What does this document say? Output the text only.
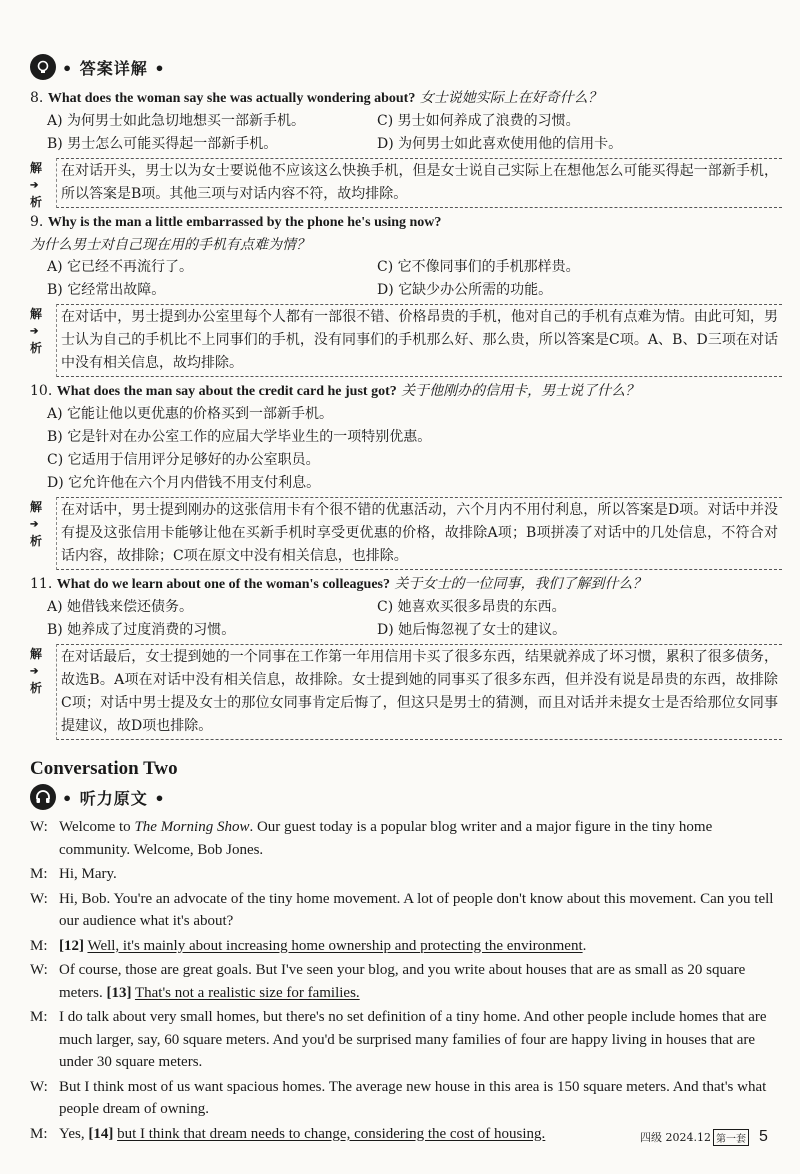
• 答案详解 •
8. What does the woman say she was actually wondering about? 女士说她实际上在好奇什么？
A) 为何男士如此急切地想买一部新手机。	C) 男士如何养成了浪费的习惯。
B) 男士怎么可能买得起一部新手机。	D) 为何男士如此喜欢使用他的信用卡。
解➔
析
在对话开头，男士以为女士要说他不应该这么快换手机，但是女士说自己实际上在想他怎么可能买得起一部新手机，所以答案是B项。其他三项与对话内容不符，故均排除。
9. Why is the man a little embarrassed by the phone he's using now?
为什么男士对自己现在用的手机有点难为情？
A) 它已经不再流行了。	C) 它不像同事们的手机那样贵。
B) 它经常出故障。	D) 它缺少办公所需的功能。
解➔
析
在对话中，男士提到办公室里每个人都有一部很不错、价格昂贵的手机，他对自己的手机有点难为情。由此可知，男士认为自己的手机比不上同事们的手机，没有同事们的手机那么好、那么贵，所以答案是C项。A、B、D三项在对话中没有相关信息，故均排除。
10. What does the man say about the credit card he just got? 关于他刚办的信用卡，男士说了什么？
A) 它能让他以更优惠的价格买到一部新手机。
B) 它是针对在办公室工作的应届大学毕业生的一项特别优惠。
C) 它适用于信用评分足够好的办公室职员。
D) 它允许他在六个月内借钱不用支付利息。
解➔
析
在对话中，男士提到刚办的这张信用卡有个很不错的优惠活动，六个月内不用付利息，所以答案是D项。对话中并没有提及这张信用卡能够让他在买新手机时享受更优惠的价格，故排除A项；B项拼凑了对话中的几处信息，不符合对话内容，故排除；C项在原文中没有相关信息，也排除。
11. What do we learn about one of the woman's colleagues? 关于女士的一位同事，我们了解到什么？
A) 她借钱来偿还债务。	C) 她喜欢买很多昂贵的东西。
B) 她养成了过度消费的习惯。	D) 她后悔忽视了女士的建议。
解➔
析
在对话最后，女士提到她的一个同事在工作第一年用信用卡买了很多东西，结果就养成了坏习惯，累积了很多债务，故选B。A项在对话中没有相关信息，故排除。女士提到她的同事买了很多东西，但并没有说是昂贵的东西，故排除C项；对话中男士提及女士的那位女同事肯定后悔了，但这只是男士的猜测，而且对话并未提女士是否给那位女同事提建议，故D项也排除。
Conversation Two
• 听力原文 •
W: Welcome to The Morning Show. Our guest today is a popular blog writer and a major figure in the tiny home community. Welcome, Bob Jones.
M: Hi, Mary.
W: Hi, Bob. You're an advocate of the tiny home movement. A lot of people don't know about this movement. Can you tell our audience what it's about?
M: [12] Well, it's mainly about increasing home ownership and protecting the environment.
W: Of course, those are great goals. But I've seen your blog, and you write about houses that are as small as 20 square meters. [13] That's not a realistic size for families.
M: I do talk about very small homes, but there's no set definition of a tiny home. And other people include homes that are much larger, say, 60 square meters. And you'd be surprised many families of four are happy living in houses that are under 30 square meters.
W: But I think most of us want spacious homes. The average new house in this area is 150 square meters. And that's what people dream of owning.
M: Yes, [14] but I think that dream needs to change, considering the cost of housing.	四级 2024.12 第一套 5
